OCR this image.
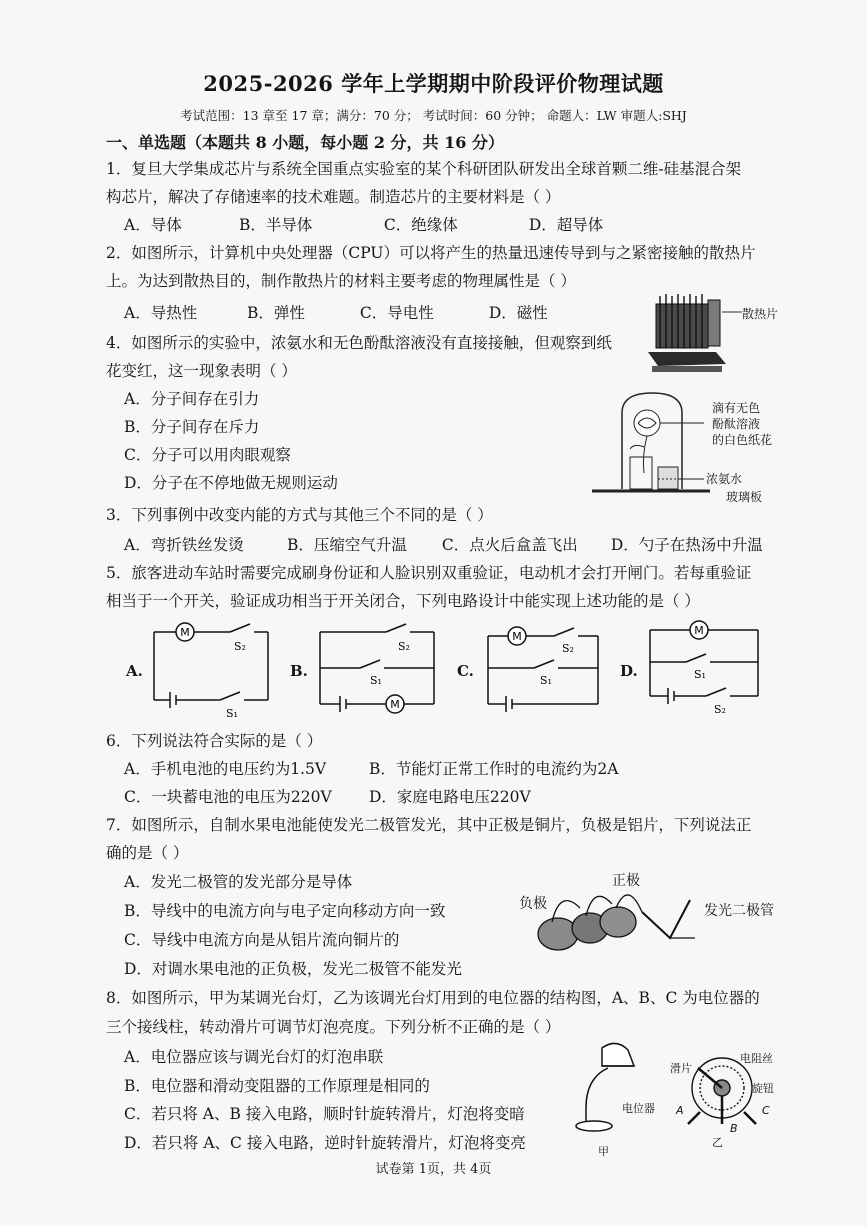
2025-2026 学年上学期期中阶段评价物理试题
考试范围：13 章至 17 章；满分：70 分； 考试时间：60 分钟； 命题人：LW 审题人:SHJ
一、单选题（本题共 8 小题，每小题 2 分，共 16 分）
1．复旦大学集成芯片与系统全国重点实验室的某个科研团队研发出全球首颗二维-硅基混合架
构芯片，解决了存储速率的技术难题。制造芯片的主要材料是（ ）
A．导体	B．半导体	C．绝缘体	D．超导体
2．如图所示，计算机中央处理器（CPU）可以将产生的热量迅速传导到与之紧密接触的散热片
上。为达到散热目的，制作散热片的材料主要考虑的物理属性是（ ）
A．导热性	B．弹性	C．导电性	D．磁性	散热片
4．如图所示的实验中，浓氨水和无色酚酞溶液没有直接接触，但观察到纸
花变红，这一现象表明（ ）
A．分子间存在引力
B．分子间存在斥力
C．分子可以用肉眼观察
D．分子在不停地做无规则运动
滴有无色
酚酞溶液
的白色纸花
浓氨水
玻璃板
3．下列事例中改变内能的方式与其他三个不同的是（ ）
A．弯折铁丝发烫	B．压缩空气升温 C．点火后盒盖飞出 D．勺子在热汤中升温
5．旅客进动车站时需要完成刷身份证和人脸识别双重验证，电动机才会打开闸门。若每重验证
相当于一个开关，验证成功相当于开关闭合，下列电路设计中能实现上述功能的是（ ）
A.
M
S₂
S₁
B.
M
S₂
S₁
C.
M
S₂
S₁
D.
M
S₁
S₂
6．下列说法符合实际的是（ ）
A．手机电池的电压约为1.5V	B．节能灯正常工作时的电流约为2A
C．一块蓄电池的电压为220V D．家庭电路电压220V
7．如图所示，自制水果电池能使发光二极管发光，其中正极是铜片，负极是铝片，下列说法正
确的是（ ）
A．发光二极管的发光部分是导体
B．导线中的电流方向与电子定向移动方向一致
C．导线中电流方向是从铝片流向铜片的
D．对调水果电池的正负极，发光二极管不能发光
正极
负极	发光二极管
8．如图所示，甲为某调光台灯，乙为该调光台灯用到的电位器的结构图，A、B、C 为电位器的
三个接线柱，转动滑片可调节灯泡亮度。下列分析不正确的是（ ）
A．电位器应该与调光台灯的灯泡串联
B．电位器和滑动变阻器的工作原理是相同的
C．若只将 A、B 接入电路，顺时针旋转滑片，灯泡将变暗
D．若只将 A、C 接入电路，逆时针旋转滑片，灯泡将变亮
电位器
甲
滑片
电阻丝
旋钮
A
B
C
乙
试卷第 1页，共 4页
